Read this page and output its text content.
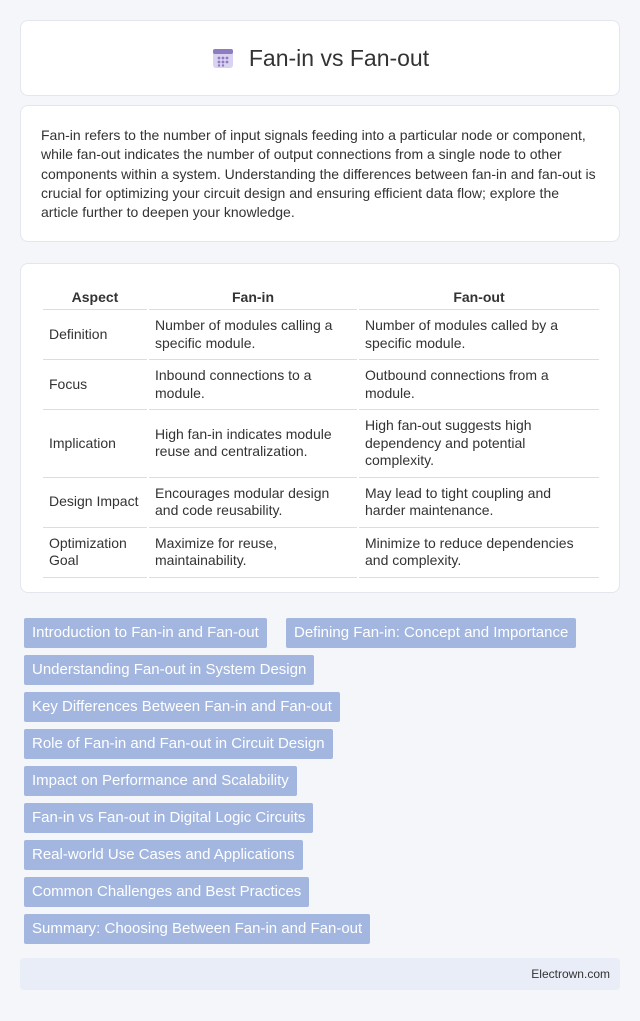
Fan-in vs Fan-out

Fan-in refers to the number of input signals feeding into a particular node or component, while fan-out indicates the number of output connections from a single node to other components within a system. Understanding the differences between fan-in and fan-out is crucial for optimizing your circuit design and ensuring efficient data flow; explore the article further to deepen your knowledge.

Aspect	Fan-in	Fan-out
Definition	Number of modules calling a specific module.	Number of modules called by a specific module.
Focus	Inbound connections to a module.	Outbound connections from a module.
Implication	High fan-in indicates module reuse and centralization.	High fan-out suggests high dependency and potential complexity.
Design Impact	Encourages modular design and code reusability.	May lead to tight coupling and harder maintenance.
Optimization Goal	Maximize for reuse, maintainability.	Minimize to reduce dependencies and complexity.
Introduction to Fan-in and Fan-out	Defining Fan-in: Concept and Importance
Understanding Fan-out in System Design
Key Differences Between Fan-in and Fan-out
Role of Fan-in and Fan-out in Circuit Design
Impact on Performance and Scalability
Fan-in vs Fan-out in Digital Logic Circuits
Real-world Use Cases and Applications
Common Challenges and Best Practices
Summary: Choosing Between Fan-in and Fan-out
Electrown.com
